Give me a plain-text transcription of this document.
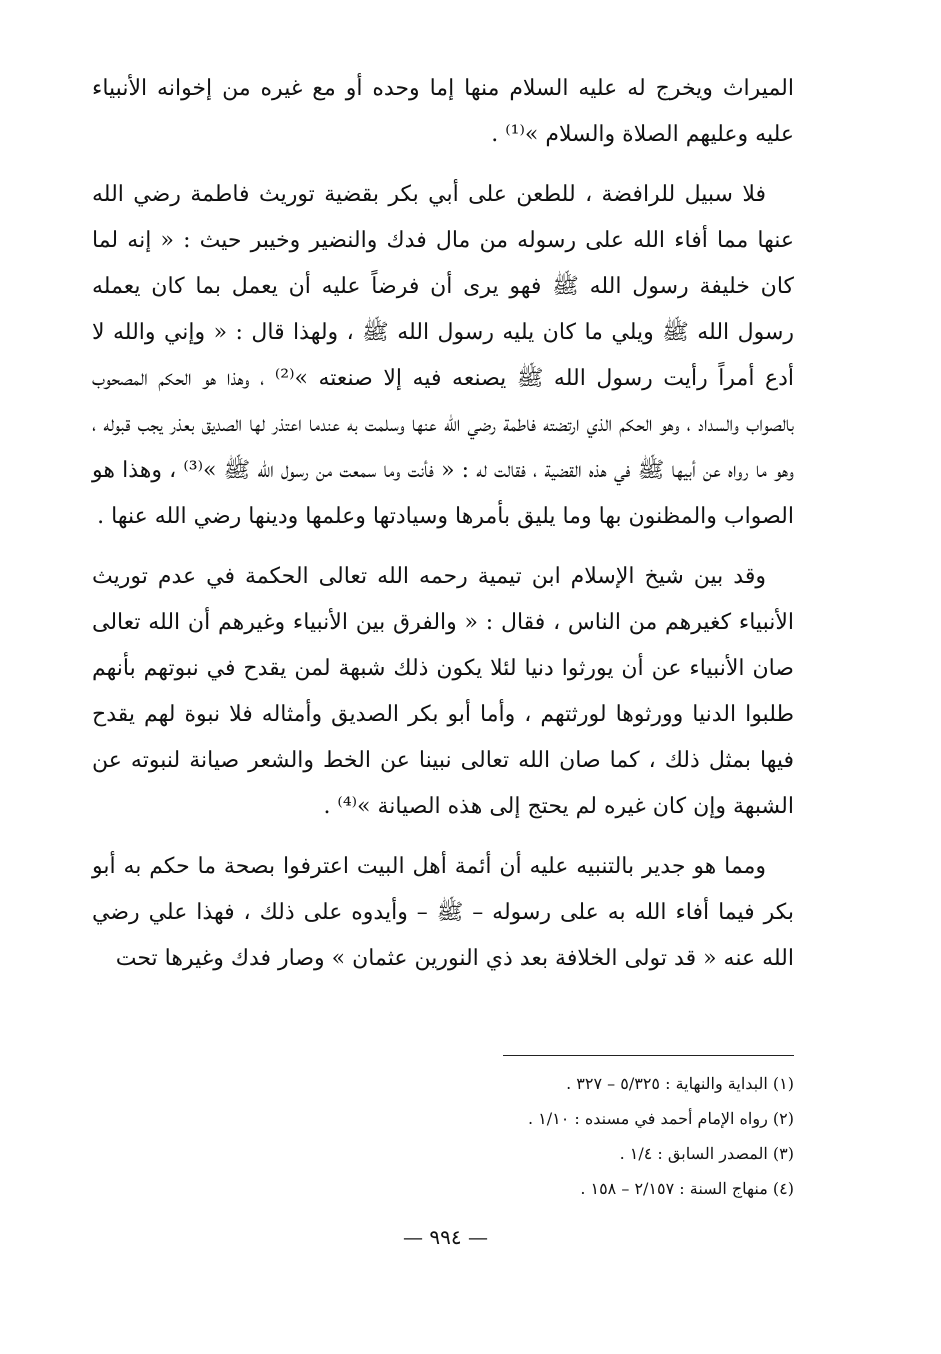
الميراث ويخرج له عليه السلام منها إما وحده أو مع غيره من إخوانه الأنبياء عليه وعليهم الصلاة والسلام »⁽¹⁾ .

فلا سبيل للرافضة ، للطعن على أبي بكر بقضية توريث فاطمة رضي الله عنها مما أفاء الله على رسوله من مال فدك والنضير وخيبر حيث : « إنه لما كان خليفة رسول الله ﷺ فهو يرى أن فرضاً عليه أن يعمل بما كان يعمله رسول الله ﷺ ويلي ما كان يليه رسول الله ﷺ ، ولهذا قال : « وإني والله لا أدع أمراً رأيت رسول الله ﷺ يصنعه فيه إلا صنعته »⁽²⁾ ، وهذا هو الحكم المصحوب بالصواب والسداد ، وهو الحكم الذي ارتضته فاطمة رضي الله عنها وسلمت به عندما اعتذر لها الصديق بعذر يجب قبوله ، وهو ما رواه عن أبيها ﷺ في هذه القضية ، فقالت له : « فأنت وما سمعت من رسول الله ﷺ »⁽³⁾ ، وهذا هو الصواب والمظنون بها وما يليق بأمرها وسيادتها وعلمها ودينها رضي الله عنها .

وقد بين شيخ الإسلام ابن تيمية رحمه الله تعالى الحكمة في عدم توريث الأنبياء كغيرهم من الناس ، فقال : « والفرق بين الأنبياء وغيرهم أن الله تعالى صان الأنبياء عن أن يورثوا دنيا لئلا يكون ذلك شبهة لمن يقدح في نبوتهم بأنهم طلبوا الدنيا وورثوها لورثتهم ، وأما أبو بكر الصديق وأمثاله فلا نبوة لهم يقدح فيها بمثل ذلك ، كما صان الله تعالى نبينا عن الخط والشعر صيانة لنبوته عن الشبهة وإن كان غيره لم يحتج إلى هذه الصيانة »⁽⁴⁾ .

ومما هو جدير بالتنبيه عليه أن أئمة أهل البيت اعترفوا بصحة ما حكم به أبو بكر فيما أفاء الله به على رسوله – ﷺ – وأيدوه على ذلك ، فهذا علي رضي الله عنه « قد تولى الخلافة بعد ذي النورين عثمان » وصار فدك وغيرها تحت

(١) البداية والنهاية : ٥/٣٢٥ – ٣٢٧ .
(٢) رواه الإمام أحمد في مسنده : ١/١٠ .
(٣) المصدر السابق : ١/٤ .
(٤) منهاج السنة : ٢/١٥٧ – ١٥٨ .
— ٩٩٤ —
